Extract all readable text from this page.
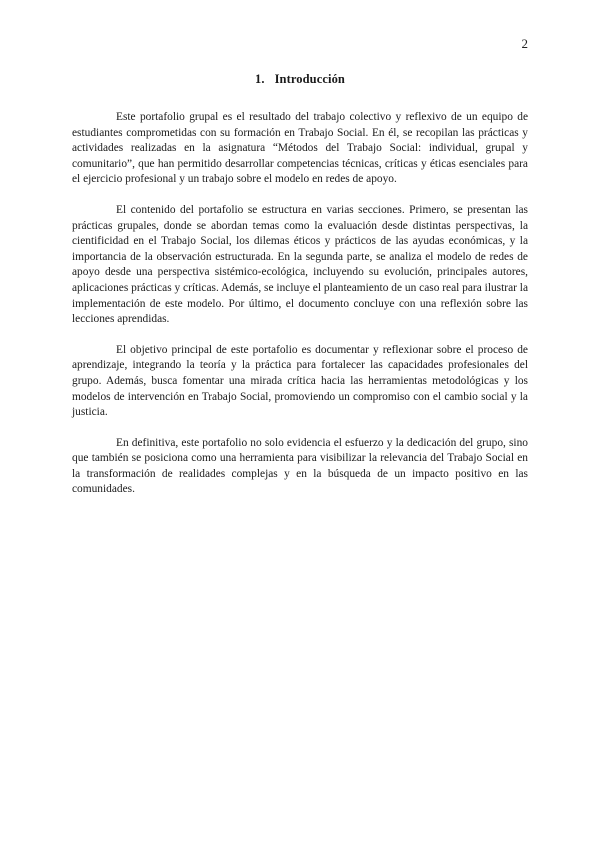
2
1. Introducción

Este portafolio grupal es el resultado del trabajo colectivo y reflexivo de un equipo de estudiantes comprometidas con su formación en Trabajo Social. En él, se recopilan las prácticas y actividades realizadas en la asignatura “Métodos del Trabajo Social: individual, grupal y comunitario”, que han permitido desarrollar competencias técnicas, críticas y éticas esenciales para el ejercicio profesional y un trabajo sobre el modelo en redes de apoyo.

El contenido del portafolio se estructura en varias secciones. Primero, se presentan las prácticas grupales, donde se abordan temas como la evaluación desde distintas perspectivas, la cientificidad en el Trabajo Social, los dilemas éticos y prácticos de las ayudas económicas, y la importancia de la observación estructurada. En la segunda parte, se analiza el modelo de redes de apoyo desde una perspectiva sistémico-ecológica, incluyendo su evolución, principales autores, aplicaciones prácticas y críticas. Además, se incluye el planteamiento de un caso real para ilustrar la implementación de este modelo. Por último, el documento concluye con una reflexión sobre las lecciones aprendidas.

El objetivo principal de este portafolio es documentar y reflexionar sobre el proceso de aprendizaje, integrando la teoría y la práctica para fortalecer las capacidades profesionales del grupo. Además, busca fomentar una mirada crítica hacia las herramientas metodológicas y los modelos de intervención en Trabajo Social, promoviendo un compromiso con el cambio social y la justicia.

En definitiva, este portafolio no solo evidencia el esfuerzo y la dedicación del grupo, sino que también se posiciona como una herramienta para visibilizar la relevancia del Trabajo Social en la transformación de realidades complejas y en la búsqueda de un impacto positivo en las comunidades.
